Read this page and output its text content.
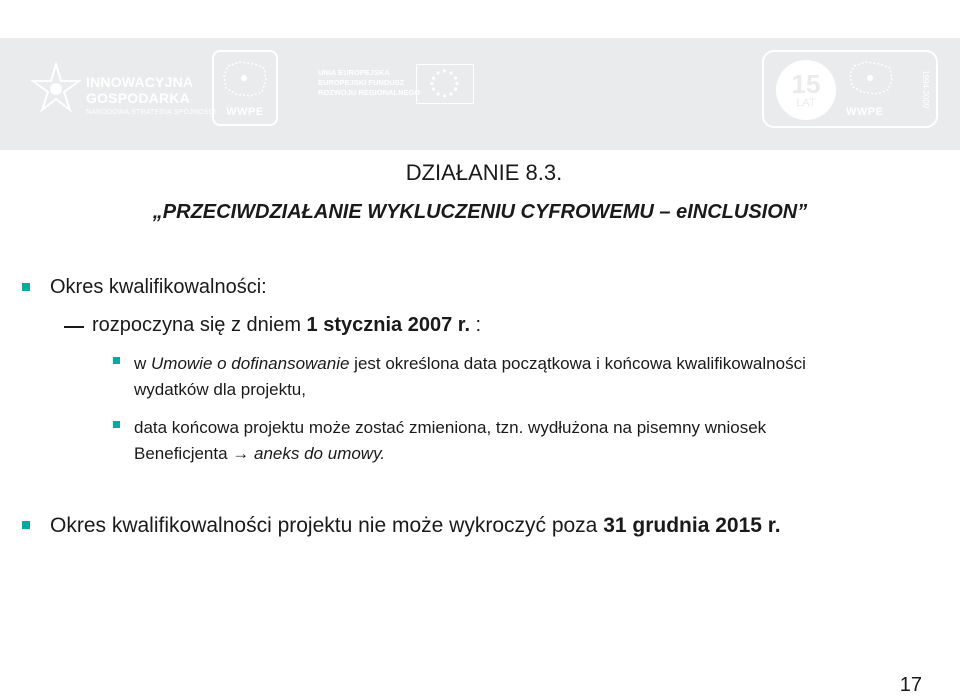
INNOWACYJNA
GOSPODARKA
NARODOWA STRATEGIA SPÓJNOŚCI WWPE
UNIA EUROPEJSKA
EUROPEJSKI FUNDUSZ
ROZWOJU REGIONALNEGO	15
LAT
WWPE
1994-2009
DZIAŁANIE 8.3.
„PRZECIWDZIAŁANIE WYKLUCZENIU CYFROWEMU – eINCLUSION”
Okres kwalifikowalności:
rozpoczyna się z dniem 1 stycznia 2007 r. :
w Umowie o dofinansowanie jest określona data początkowa i końcowa kwalifikowalności
wydatków dla projektu,
data końcowa projektu może zostać zmieniona, tzn. wydłużona na pisemny wniosek
Beneficjenta → aneks do umowy.
Okres kwalifikowalności projektu nie może wykroczyć poza 31 grudnia 2015 r.
17
